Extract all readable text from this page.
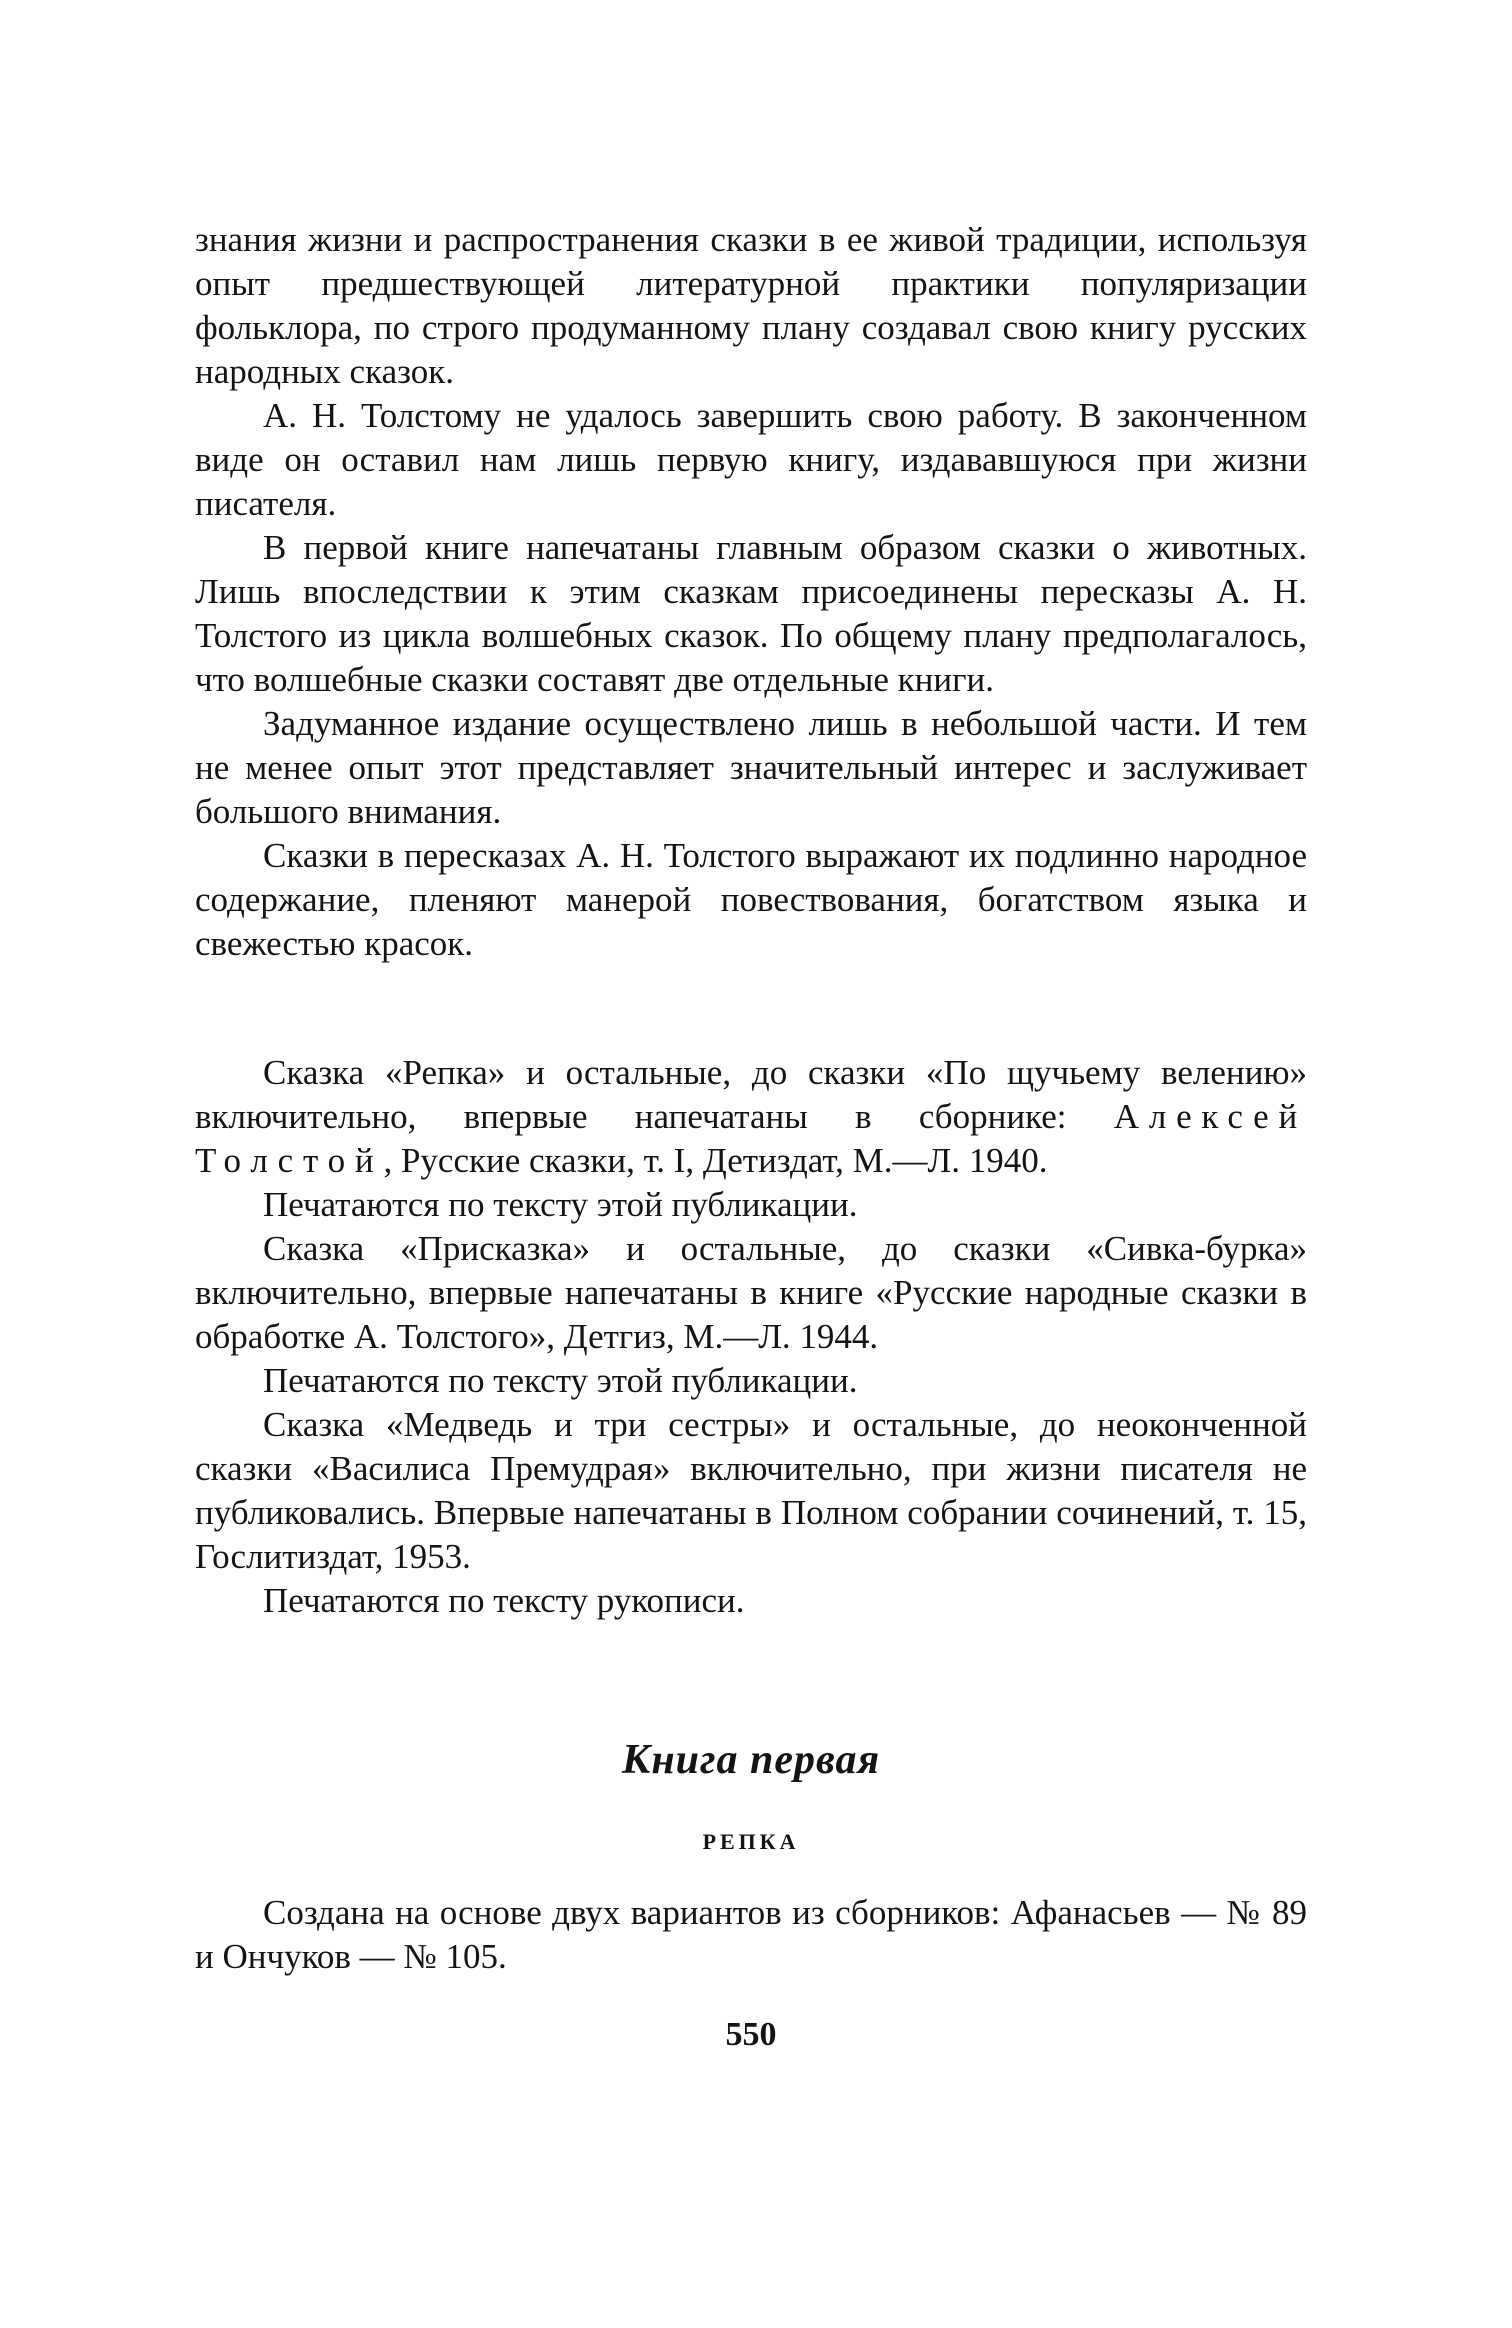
знания жизни и распространения сказки в ее живой традиции, используя опыт предшествующей литературной практики популяризации фольклора, по строго продуманному плану создавал свою книгу русских народных сказок.

А. Н. Толстому не удалось завершить свою работу. В законченном виде он оставил нам лишь первую книгу, издававшуюся при жизни писателя.

В первой книге напечатаны главным образом сказки о животных. Лишь впоследствии к этим сказкам присоединены пересказы А. Н. Толстого из цикла волшебных сказок. По общему плану предполагалось, что волшебные сказки составят две отдельные книги.

Задуманное издание осуществлено лишь в небольшой части. И тем не менее опыт этот представляет значительный интерес и заслуживает большого внимания.

Сказки в пересказах А. Н. Толстого выражают их подлинно народное содержание, пленяют манерой повествования, богатством языка и свежестью красок.

Сказка «Репка» и остальные, до сказки «По щучьему велению» включительно, впервые напечатаны в сборнике: Алексей Толстой, Русские сказки, т. I, Детиздат, М.—Л. 1940.

Печатаются по тексту этой публикации.

Сказка «Присказка» и остальные, до сказки «Сивка-бурка» включительно, впервые напечатаны в книге «Русские народные сказки в обработке А. Толстого», Детгиз, М.—Л. 1944.

Печатаются по тексту этой публикации.

Сказка «Медведь и три сестры» и остальные, до неоконченной сказки «Василиса Премудрая» включительно, при жизни писателя не публиковались. Впервые напечатаны в Полном собрании сочинений, т. 15, Гослитиздат, 1953.

Печатаются по тексту рукописи.

Книга первая
РЕПКА

Создана на основе двух вариантов из сборников: Афанасьев — № 89 и Ончуков — № 105.

550
